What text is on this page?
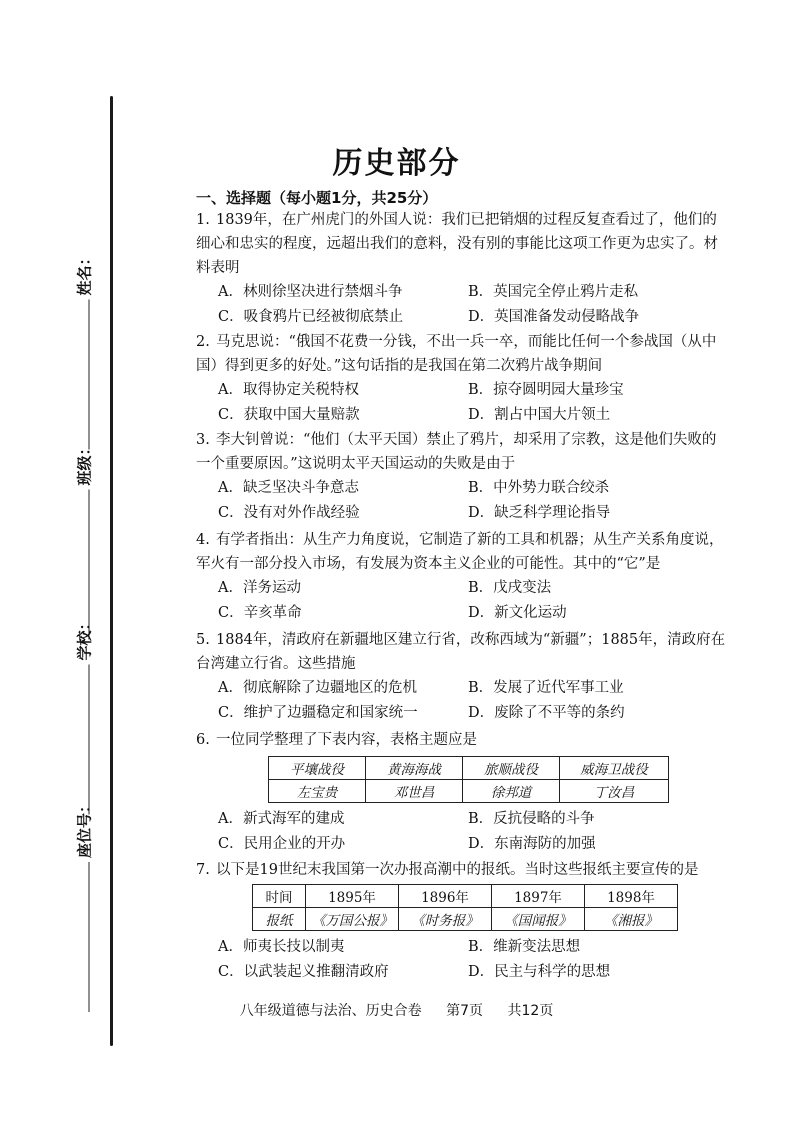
姓名：
班级：
学校：
座位号：
历史部分
一、选择题（每小题1分，共25分）

1. 1839年，在广州虎门的外国人说：我们已把销烟的过程反复查看过了，他们的细心和忠实的程度，远超出我们的意料，没有别的事能比这项工作更为忠实了。材料表明

A．林则徐坚决进行禁烟斗争	B．英国完全停止鸦片走私
C．吸食鸦片已经被彻底禁止	D．英国准备发动侵略战争

2. 马克思说：“俄国不花费一分钱，不出一兵一卒，而能比任何一个参战国（从中国）得到更多的好处。”这句话指的是我国在第二次鸦片战争期间

A．取得协定关税特权	B．掠夺圆明园大量珍宝
C．获取中国大量赔款	D．割占中国大片领土

3. 李大钊曾说：“他们（太平天国）禁止了鸦片，却采用了宗教，这是他们失败的一个重要原因。”这说明太平天国运动的失败是由于

A．缺乏坚决斗争意志	B．中外势力联合绞杀
C．没有对外作战经验	D．缺乏科学理论指导

4. 有学者指出：从生产力角度说，它制造了新的工具和机器；从生产关系角度说，军火有一部分投入市场，有发展为资本主义企业的可能性。其中的“它”是

A．洋务运动	B．戊戌变法
C．辛亥革命	D．新文化运动

5. 1884年，清政府在新疆地区建立行省，改称西域为“新疆”；1885年，清政府在台湾建立行省。这些措施

A．彻底解除了边疆地区的危机	B．发展了近代军事工业
C．维护了边疆稳定和国家统一	D．废除了不平等的条约

6. 一位同学整理了下表内容，表格主题应是

平壤战役	黄海海战	旅顺战役	威海卫战役
左宝贵	邓世昌	徐邦道	丁汝昌
A．新式海军的建成	B．反抗侵略的斗争
C．民用企业的开办	D．东南海防的加强

7. 以下是19世纪末我国第一次办报高潮中的报纸。当时这些报纸主要宣传的是

时间	1895年	1896年	1897年	1898年
报纸	《万国公报》	《时务报》	《国闻报》	《湘报》
A．师夷长技以制夷	B．维新变法思想
C．以武装起义推翻清政府	D．民主与科学的思想
八年级道德与法治、历史合卷 第7页 共12页
